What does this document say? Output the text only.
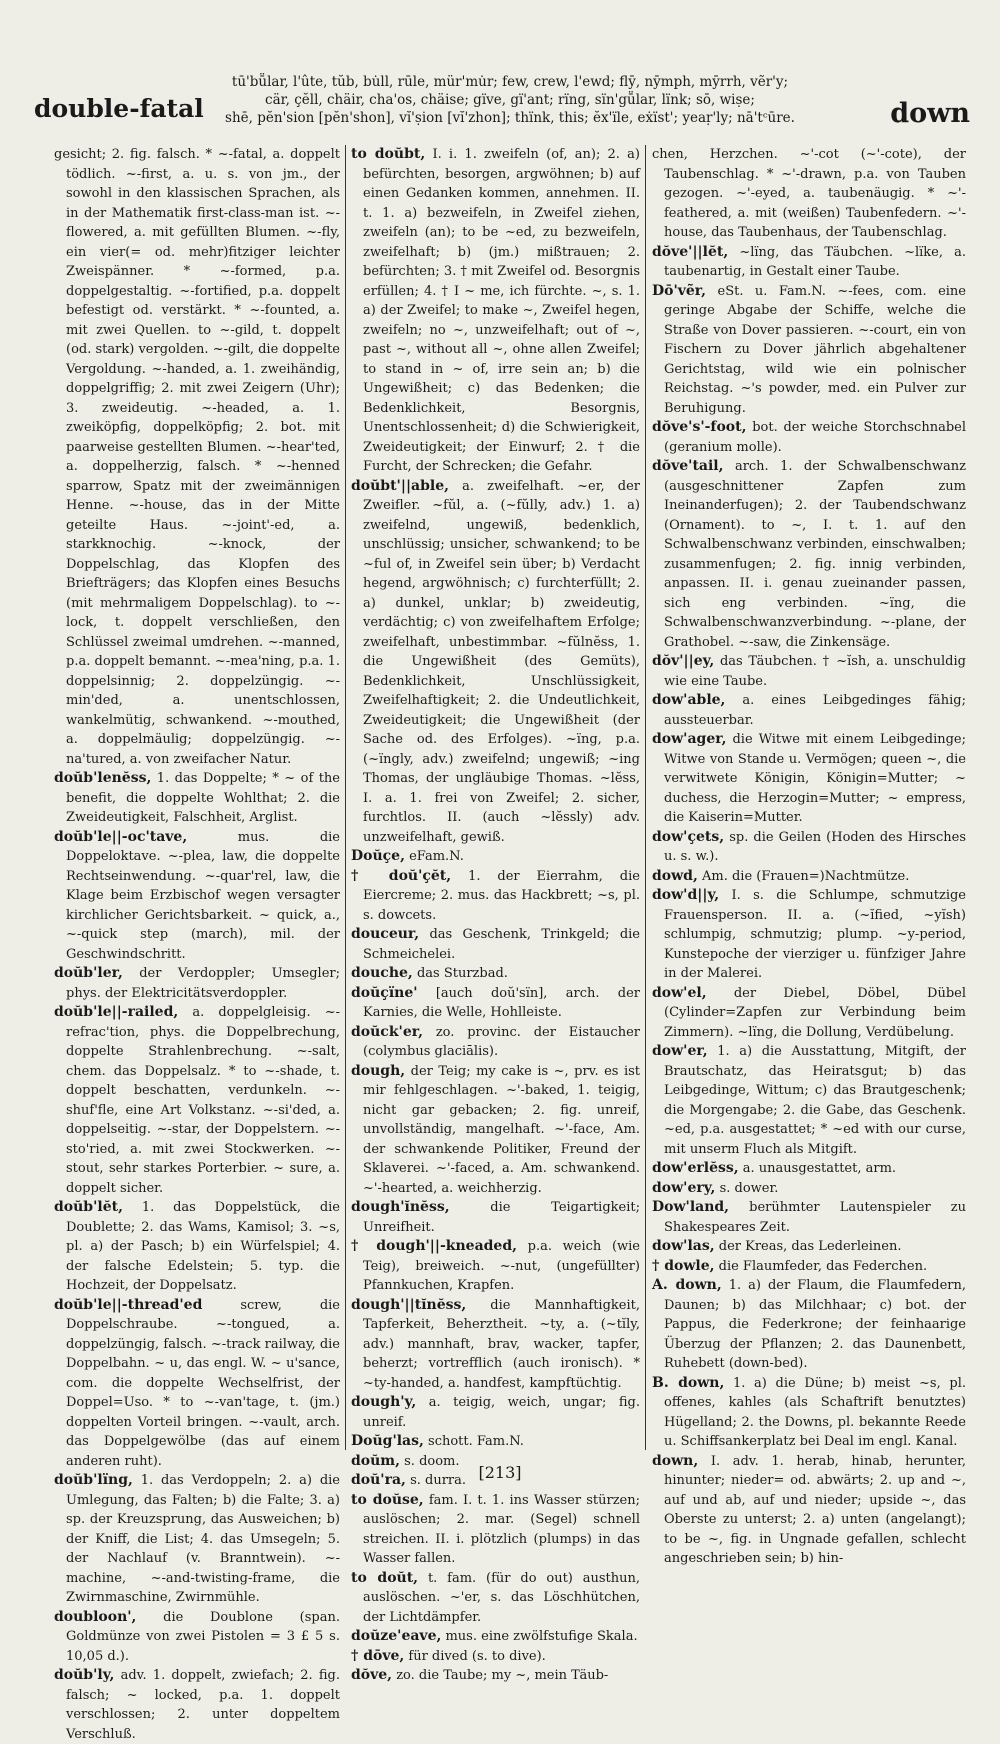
double-fatal
tū'bṻlar, l'ûte, tŭb, bu̇ll, rūle, mür'mu̇r; few, crew, l'ewd; flȳ, nȳmph, mȳrrh, vẽr'y;
cär, çĕll, chäir, cha'os, chäise; gïve, gï'ant; rïng, sïn'gṻlar, lïnk; sō, wiṣe;
shē, pĕn'sion [pĕn'shon], vĭ'ṣion [vĭ'zhon]; thïnk, this; ĕx'ïle, eẋïst'; yeaṛ'ly; nā'tᶜūre.	down

gesicht; 2. fig. falsch. * ~-fatal, a. doppelt tödlich. ~-first, a. u. s. von jm., der sowohl in den klassischen Sprachen, als in der Mathematik first-class-man ist. ~-flowered, a. mit gefüllten Blumen. ~-fly, ein vier(= od. mehr)fitziger leichter Zweispänner. * ~-formed, p.a. doppelgestaltig. ~-fortified, p.a. doppelt befestigt od. verstärkt. * ~-founted, a. mit zwei Quellen. to ~-gild, t. doppelt (od. stark) vergolden. ~-gilt, die doppelte Vergoldung. ~-handed, a. 1. zweihändig, doppelgriffig; 2. mit zwei Zeigern (Uhr); 3. zweideutig. ~-headed, a. 1. zweiköpfig, doppelköpfig; 2. bot. mit paarweise gestellten Blumen. ~-hear'ted, a. doppelherzig, falsch. * ~-henned sparrow, Spatz mit der zweimännigen Henne. ~-house, das in der Mitte geteilte Haus. ~-joint'-ed, a. starkknochig. ~-knock, der Doppelschlag, das Klopfen des Briefträgers; das Klopfen eines Besuchs (mit mehrmaligem Doppelschlag). to ~-lock, t. doppelt verschließen, den Schlüssel zweimal umdrehen. ~-manned, p.a. doppelt bemannt. ~-mea'ning, p.a. 1. doppelsinnig; 2. doppelzüngig. ~-min'ded, a. unentschlossen, wankelmütig, schwankend. ~-mouthed, a. doppelmäulig; doppelzüngig. ~-na'tured, a. von zweifacher Natur.

doŭb'lenĕss, 1. das Doppelte; * ~ of the benefit, die doppelte Wohlthat; 2. die Zweideutigkeit, Falschheit, Arglist.

doŭb'le||-oc'tave,	mus. die Doppeloktave. ~-plea, law, die doppelte Rechtseinwendung. ~-quar'rel, law, die Klage beim Erzbischof wegen versagter kirchlicher Gerichtsbarkeit. ~ quick, a., ~-quick step (march), mil. der Geschwindschritt.

doŭb'ler, der Verdoppler; Umsegler; phys. der Elektricitätsverdoppler.

doŭb'le||-railed, a. doppelgleisig. ~-refrac'tion, phys. die Doppelbrechung, doppelte Strahlenbrechung. ~-salt, chem. das Doppelsalz. * to ~-shade, t. doppelt beschatten, verdunkeln. ~-shuf'fle, eine Art Volkstanz. ~-si'ded, a. doppelseitig. ~-star, der Doppelstern. ~-sto'ried, a. mit zwei Stockwerken. ~-stout, sehr starkes Porterbier. ~ sure, a. doppelt sicher.

doŭb'lĕt, 1. das Doppelstück, die Doublette; 2. das Wams, Kamisol; 3. ~s, pl. a) der Pasch; b) ein Würfelspiel; 4. der falsche Edelstein; 5. typ. die Hochzeit, der Doppelsatz.

doŭb'le||-thread'ed	screw, die Doppelschraube. ~-tongued, a. doppelzüngig, falsch. ~-track railway, die Doppelbahn. ~ u, das engl. W. ~ u'sance, com. die doppelte Wechselfrist, der Doppel=Uso. * to ~-van'tage, t. (jm.) doppelten Vorteil bringen. ~-vault, arch. das Doppelgewölbe (das auf einem anderen ruht).

doŭb'lïng, 1. das Verdoppeln; 2. a) die Umlegung, das Falten; b) die Falte; 3. a) sp. der Kreuzsprung, das Ausweichen; b) der Kniff, die List; 4. das Umsegeln; 5. der Nachlauf (v. Branntwein). ~-machine, ~-and-twisting-frame, die Zwirnmaschine, Zwirnmühle.

doubloon', die Doublone (span. Goldmünze von zwei Pistolen = 3 £ 5 s. 10,05 d.).

doŭb'ly, adv. 1. doppelt, zwiefach; 2. fig. falsch; ~ locked, p.a. 1. doppelt verschlossen; 2. unter doppeltem Verschluß.

to doŭbt, I. i. 1. zweifeln (of, an); 2. a) befürchten, besorgen, argwöhnen; b) auf einen Gedanken kommen, annehmen. II. t. 1. a) bezweifeln, in Zweifel ziehen, zweifeln (an); to be ~ed, zu bezweifeln, zweifelhaft; b) (jm.) mißtrauen; 2. befürchten; 3. † mit Zweifel od. Besorgnis erfüllen; 4. † I ~ me, ich fürchte. ~, s. 1. a) der Zweifel; to make ~, Zweifel hegen, zweifeln; no ~, unzweifelhaft; out of ~, past ~, without all ~, ohne allen Zweifel; to stand in ~ of, irre sein an; b) die Ungewißheit; c) das Bedenken; die Bedenklichkeit, Besorgnis, Unentschlossenheit; d) die Schwierigkeit, Zweideutigkeit; der Einwurf; 2. † die Furcht, der Schrecken; die Gefahr.

doŭbt'||able, a. zweifelhaft. ~er, der Zweifler. ~fŭl, a. (~fŭlly, adv.) 1. a) zweifelnd, ungewiß, bedenklich, unschlüssig; unsicher, schwankend; to be ~ful of, in Zweifel sein über; b) Verdacht hegend, argwöhnisch; c) furchterfüllt; 2. a) dunkel, unklar; b) zweideutig, verdächtig; c) von zweifelhaftem Erfolge; zweifelhaft, unbestimmbar. ~fŭlnĕss, 1. die Ungewißheit (des Gemüts), Bedenklichkeit, Unschlüssigkeit, Zweifelhaftigkeit; 2. die Undeutlichkeit, Zweideutigkeit; die Ungewißheit (der Sache od. des Erfolges). ~ïng, p.a. (~ïngly, adv.) zweifelnd; ungewiß; ~ing Thomas, der ungläubige Thomas. ~lĕss, I. a. 1. frei von Zweifel; 2. sicher, furchtlos. II. (auch ~lĕssly) adv. unzweifelhaft, gewiß.

Doŭçe, eFam.N.

† doŭ'çĕt, 1. der Eierrahm, die Eiercreme; 2. mus. das Hackbrett; ~s, pl. s. dowcets.

douceur, das Geschenk, Trinkgeld; die Schmeichelei.

douche, das Sturzbad.

doŭçïne' [auch doŭ'sïn], arch. der Karnies, die Welle, Hohlleiste.

doŭck'er, zo. provinc. der Eistaucher (colymbus glaciālis).

dough, der Teig; my cake is ~, prv. es ist mir fehlgeschlagen. ~'-baked, 1. teigig, nicht gar gebacken; 2. fig. unreif, unvollständig, mangelhaft. ~'-face, Am. der schwankende Politiker, Freund der Sklaverei. ~'-faced, a. Am. schwankend. ~'-hearted, a. weichherzig.

dough'ĭnĕss,	die Teigartigkeit; Unreifheit.

† dough'||-kneaded, p.a. weich (wie Teig), breiweich. ~-nut, (ungefüllter) Pfannkuchen, Krapfen.

dough'||tĭnĕss, die Mannhaftigkeit, Tapferkeit, Beherztheit. ~ty, a. (~tĭly, adv.) mannhaft, brav, wacker, tapfer, beherzt; vortrefflich (auch ironisch). * ~ty-handed, a. handfest, kampftüchtig.

dough'y, a. teigig, weich, ungar; fig. unreif.

Doŭg'las, schott. Fam.N.

doŭm, s. doom.

doŭ'ra, s. durra.

to doŭse, fam. I. t. 1. ins Wasser stürzen; auslöschen; 2. mar. (Segel) schnell streichen. II. i. plötzlich (plumps) in das Wasser fallen.

to doŭt, t. fam. (für do out) austhun, auslöschen. ~'er, s. das Löschhütchen, der Lichtdämpfer.

doŭze'eave, mus. eine zwölfstufige Skala.

† dōve, für dived (s. to dive).

dŏve, zo. die Taube; my ~, mein Täub-

chen, Herzchen. ~'-cot (~'-cote), der Taubenschlag. * ~'-drawn, p.a. von Tauben gezogen. ~'-eyed, a. taubenäugig. * ~'-feathered, a. mit (weißen) Taubenfedern. ~'-house, das Taubenhaus, der Taubenschlag.

dŏve'||lĕt, ~lïng, das Täubchen. ~lïke, a. taubenartig, in Gestalt einer Taube.

Dō'vẽr, eSt. u. Fam.N. ~-fees, com. eine geringe Abgabe der Schiffe, welche die Straße von Dover passieren. ~-court, ein von Fischern zu Dover jährlich abgehaltener Gerichtstag, wild wie ein polnischer Reichstag. ~'s powder, med. ein Pulver zur Beruhigung.

dŏve's'-foot, bot. der weiche Storchschnabel (geranium molle).

dŏve'tail, arch. 1. der Schwalbenschwanz (ausgeschnittener Zapfen zum Ineinanderfugen); 2. der Taubendschwanz (Ornament). to ~, I. t. 1. auf den Schwalbenschwanz verbinden, einschwalben; zusammenfugen; 2. fig. innig verbinden, anpassen. II. i. genau zueinander passen, sich eng verbinden. ~ïng, die Schwalbenschwanzverbindung. ~-plane, der Grathobel. ~-saw, die Zinkensäge.

dŏv'||ey, das Täubchen. † ~ĭsh, a. unschuldig wie eine Taube.

dow'able, a. eines Leibgedinges fähig; aussteuerbar.

dow'ager, die Witwe mit einem Leibgedinge; Witwe von Stande u. Vermögen; queen ~, die verwitwete Königin, Königin=Mutter; ~ duchess, die Herzogin=Mutter; ~ empress, die Kaiserin=Mutter.

dow'çets, sp. die Geilen (Hoden des Hirsches u. s. w.).

dowd, Am. die (Frauen=)Nachtmütze.

dow'd||y, I. s. die Schlumpe, schmutzige Frauensperson. II. a. (~ĭfied, ~yĭsh) schlumpig, schmutzig; plump. ~y-period, Kunstepoche der vierziger u. fünfziger Jahre in der Malerei.

dow'el, der Diebel, Döbel, Dübel (Cylinder=Zapfen zur Verbindung beim Zimmern). ~lïng, die Dollung, Verdübelung.

dow'er, 1. a) die Ausstattung, Mitgift, der Brautschatz, das Heiratsgut; b) das Leibgedinge, Wittum; c) das Brautgeschenk; die Morgengabe; 2. die Gabe, das Geschenk. ~ed, p.a. ausgestattet; * ~ed with our curse, mit unserm Fluch als Mitgift.

dow'erlĕss, a. unausgestattet, arm.

dow'ery, s. dower.

Dow'land, berühmter Lautenspieler zu Shakespeares Zeit.

dow'las, der Kreas, das Lederleinen.

† dowle, die Flaumfeder, das Federchen.

A. down, 1. a) der Flaum, die Flaumfedern, Daunen; b) das Milchhaar; c) bot. der Pappus, die Federkrone; der feinhaarige Überzug der Pflanzen; 2. das Daunenbett, Ruhebett (down-bed).

B. down, 1. a) die Düne; b) meist ~s, pl. offenes, kahles (als Schaftrift benutztes) Hügelland; 2. the Downs, pl. bekannte Reede u. Schiffsankerplatz bei Deal im engl. Kanal.

down, I. adv. 1. herab, hinab, herunter, hinunter; nieder= od. abwärts; 2. up and ~, auf und ab, auf und nieder; upside ~, das Oberste zu unterst; 2. a) unten (angelangt); to be ~, fig. in Ungnade gefallen, schlecht angeschrieben sein; b) hin-

[213]
